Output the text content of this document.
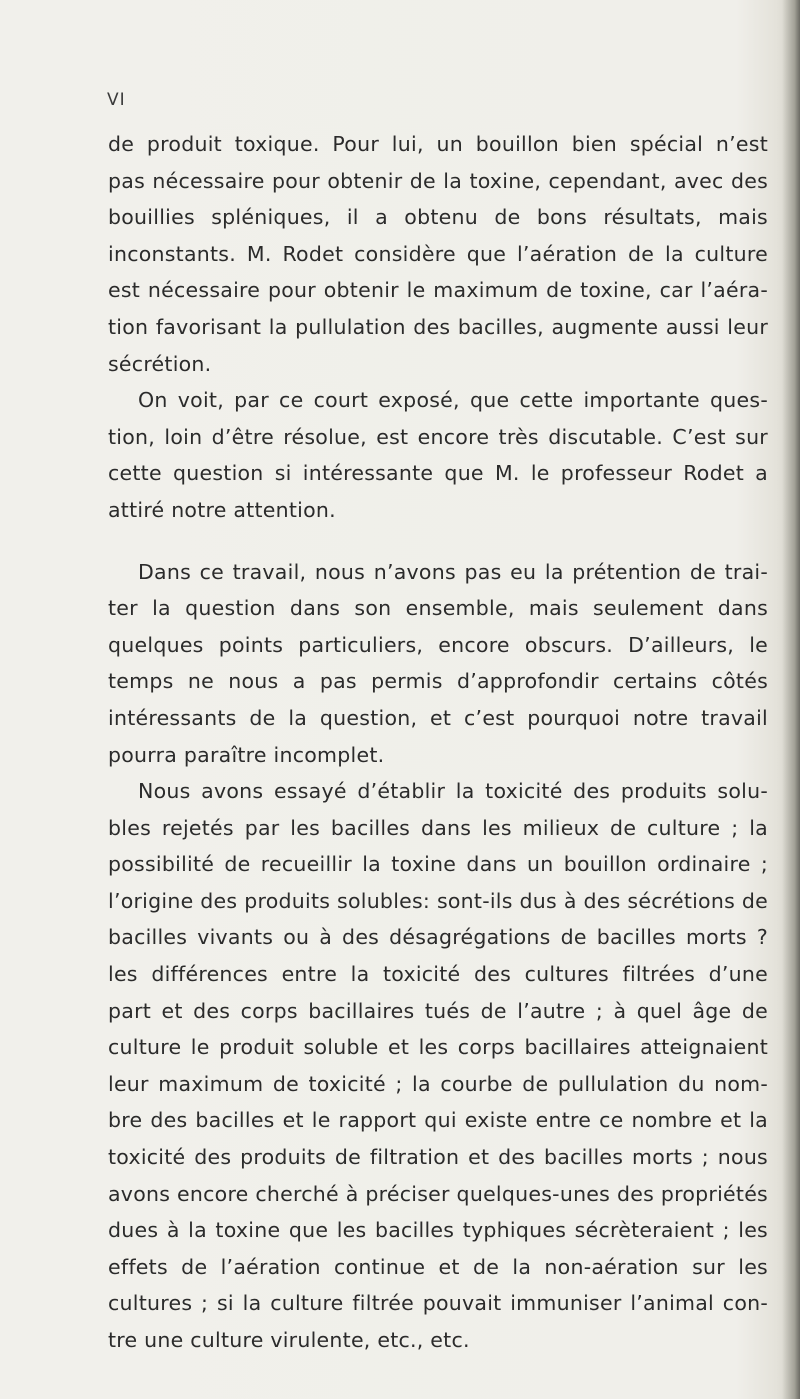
VI
de produit toxique. Pour lui, un bouillon bien spécial n’est
pas nécessaire pour obtenir de la toxine, cependant, avec des
bouillies spléniques, il a obtenu de bons résultats, mais
inconstants. M. Rodet considère que l’aération de la culture
est nécessaire pour obtenir le maximum de toxine, car l’aéra-
tion favorisant la pullulation des bacilles, augmente aussi leur
sécrétion.
On voit, par ce court exposé, que cette importante ques-
tion, loin d’être résolue, est encore très discutable. C’est sur
cette question si intéressante que M. le professeur Rodet a
attiré notre attention.
Dans ce travail, nous n’avons pas eu la prétention de trai-
ter la question dans son ensemble, mais seulement dans
quelques points particuliers, encore obscurs. D’ailleurs, le
temps ne nous a pas permis d’approfondir certains côtés
intéressants de la question, et c’est pourquoi notre travail
pourra paraître incomplet.
Nous avons essayé d’établir la toxicité des produits solu-
bles rejetés par les bacilles dans les milieux de culture ; la
possibilité de recueillir la toxine dans un bouillon ordinaire ;
l’origine des produits solubles: sont-ils dus à des sécrétions de
bacilles vivants ou à des désagrégations de bacilles morts ?
les différences entre la toxicité des cultures filtrées d’une
part et des corps bacillaires tués de l’autre ; à quel âge de
culture le produit soluble et les corps bacillaires atteignaient
leur maximum de toxicité ; la courbe de pullulation du nom-
bre des bacilles et le rapport qui existe entre ce nombre et la
toxicité des produits de filtration et des bacilles morts ; nous
avons encore cherché à préciser quelques-unes des propriétés
dues à la toxine que les bacilles typhiques sécrèteraient ; les
effets de l’aération continue et de la non-aération sur les
cultures ; si la culture filtrée pouvait immuniser l’animal con-
tre une culture virulente, etc., etc.
